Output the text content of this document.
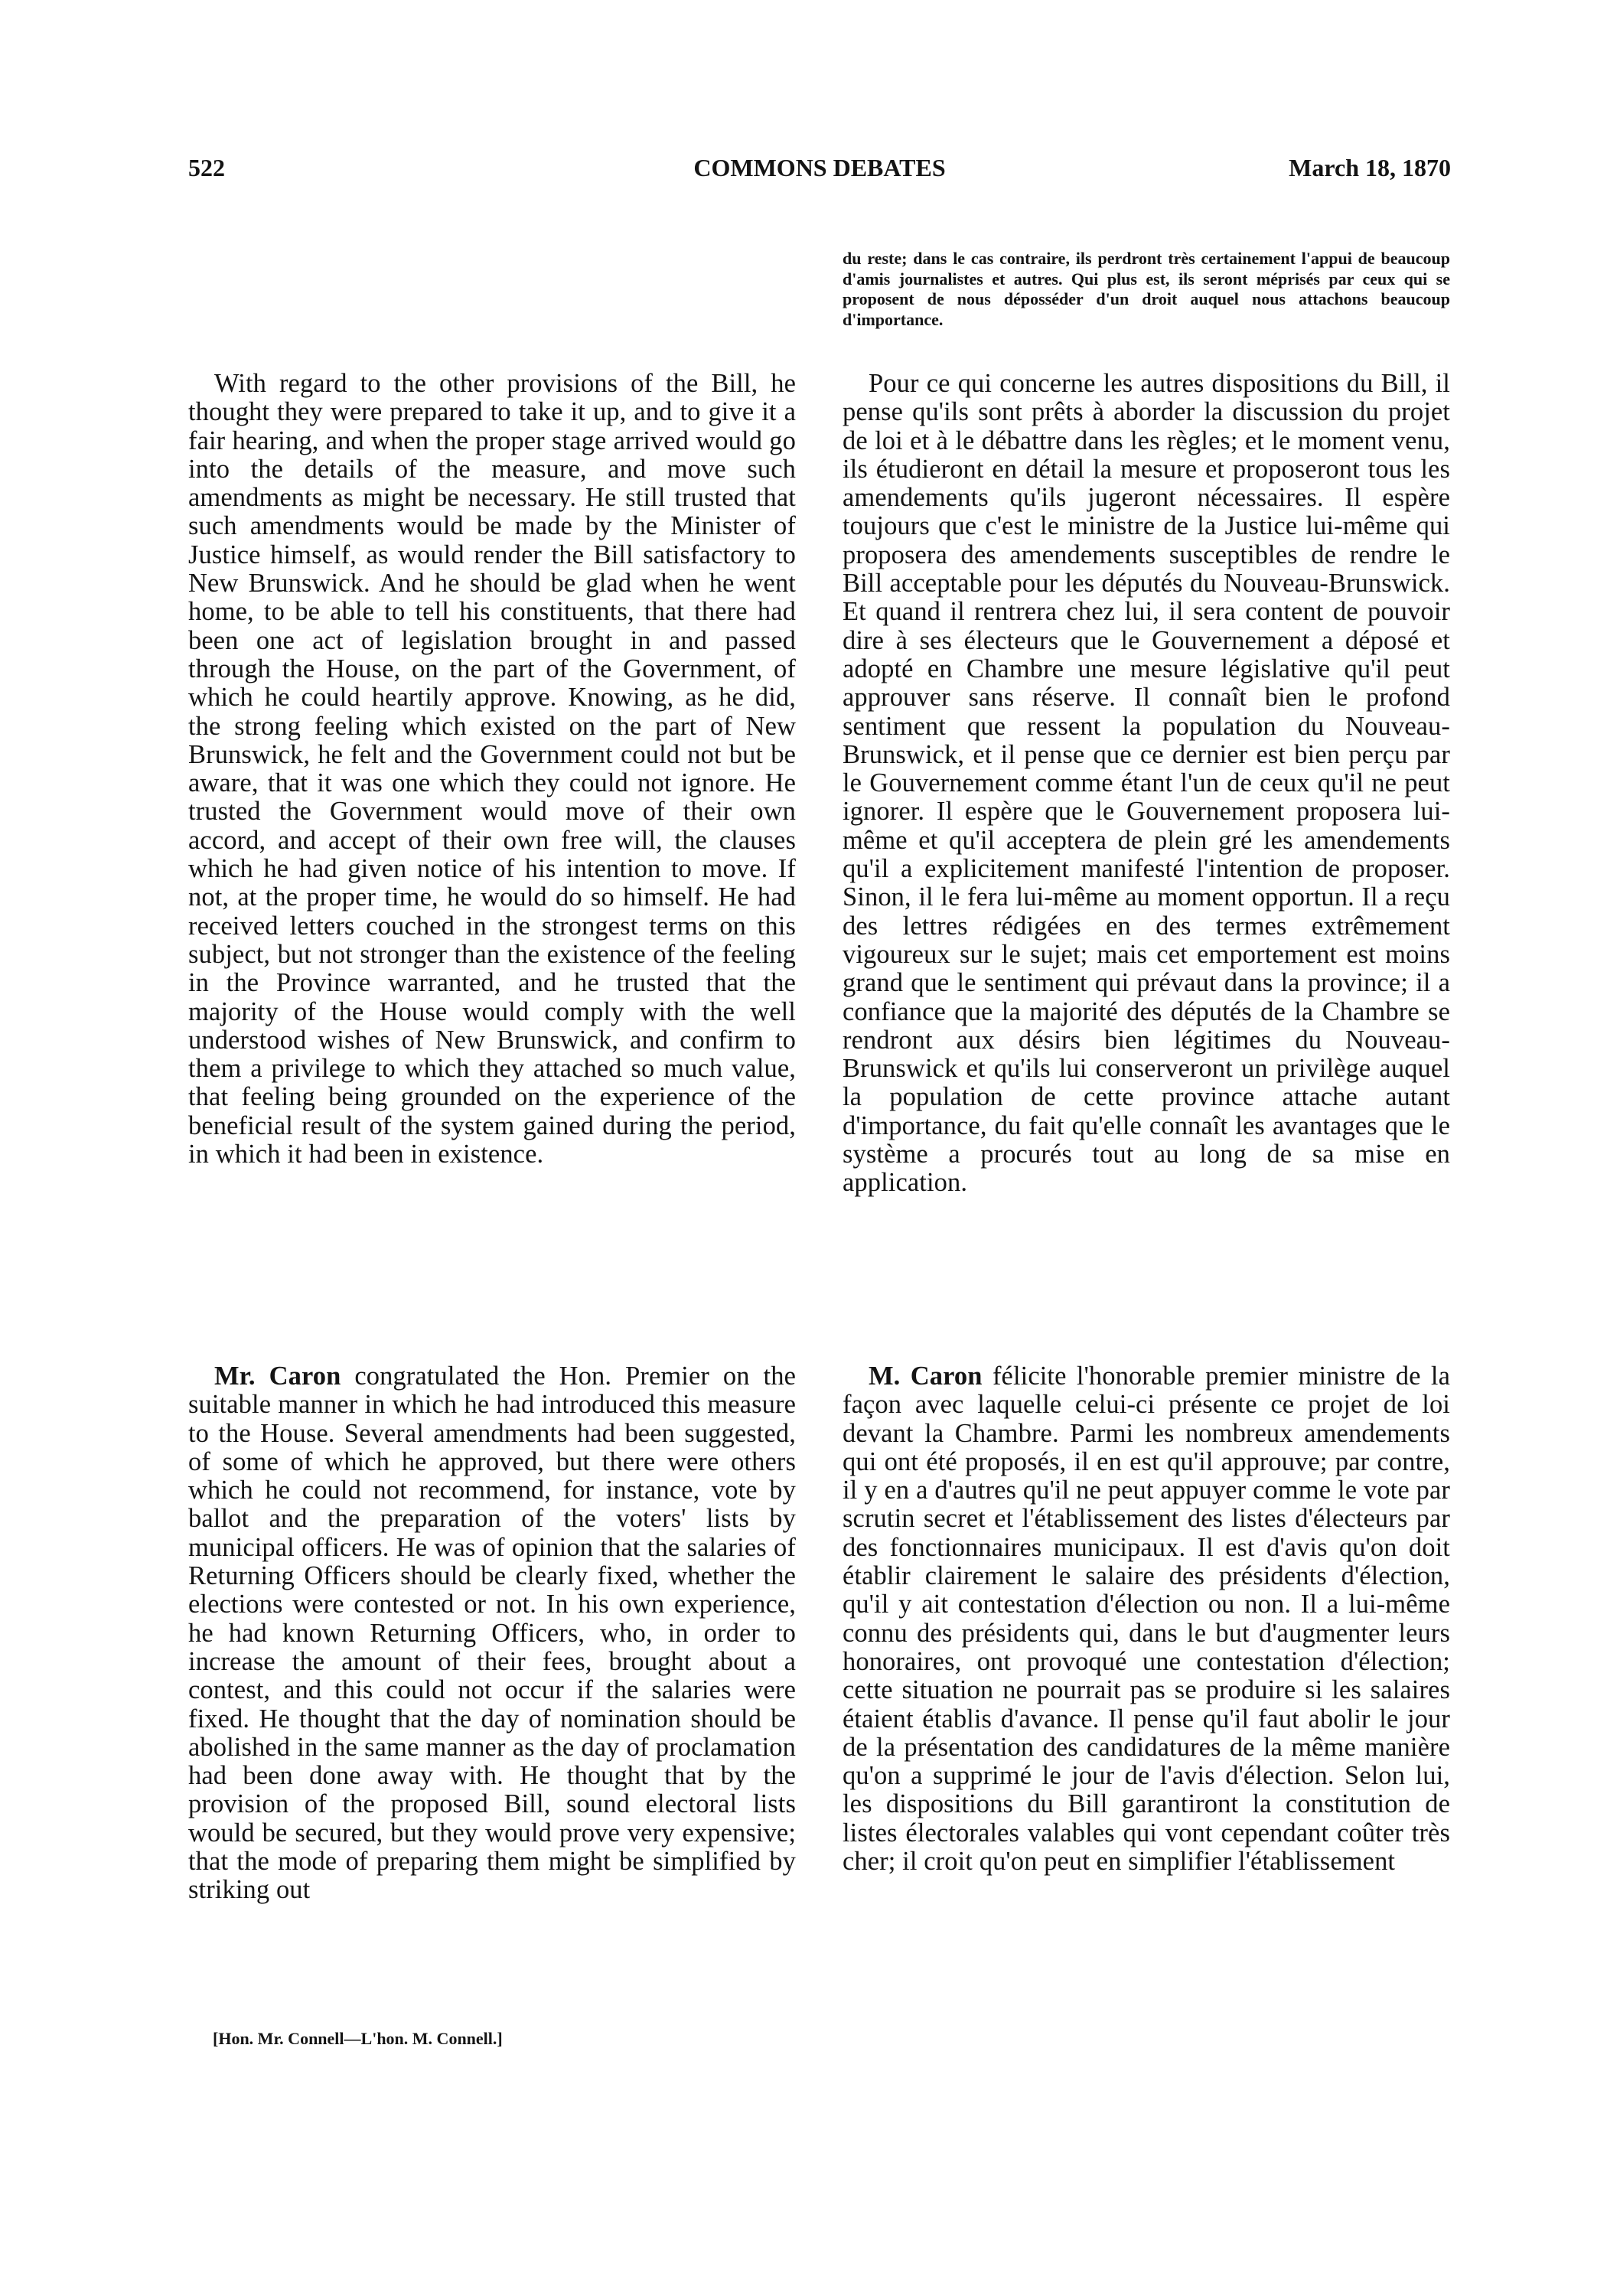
522	COMMONS DEBATES	March 18, 1870

du reste; dans le cas contraire, ils perdront très certainement l'appui de beaucoup d'amis journalistes et autres. Qui plus est, ils seront méprisés par ceux qui se proposent de nous déposséder d'un droit auquel nous attachons beaucoup d'importance.

With regard to the other provisions of the Bill, he thought they were prepared to take it up, and to give it a fair hearing, and when the proper stage arrived would go into the details of the measure, and move such amendments as might be necessary. He still trusted that such amendments would be made by the Minister of Justice himself, as would render the Bill satisfactory to New Brunswick. And he should be glad when he went home, to be able to tell his constituents, that there had been one act of legislation brought in and passed through the House, on the part of the Government, of which he could heartily approve. Knowing, as he did, the strong feeling which existed on the part of New Brunswick, he felt and the Government could not but be aware, that it was one which they could not ignore. He trusted the Government would move of their own accord, and accept of their own free will, the clauses which he had given notice of his intention to move. If not, at the proper time, he would do so himself. He had received letters couched in the strongest terms on this subject, but not stronger than the existence of the feeling in the Province warranted, and he trusted that the majority of the House would comply with the well understood wishes of New Brunswick, and confirm to them a privilege to which they attached so much value, that feeling being grounded on the experience of the beneficial result of the system gained during the period, in which it had been in existence.

Pour ce qui concerne les autres dispositions du Bill, il pense qu'ils sont prêts à aborder la discussion du projet de loi et à le débattre dans les règles; et le moment venu, ils étudieront en détail la mesure et proposeront tous les amendements qu'ils jugeront nécessaires. Il espère toujours que c'est le ministre de la Justice lui-même qui proposera des amendements susceptibles de rendre le Bill acceptable pour les députés du Nouveau-Brunswick. Et quand il rentrera chez lui, il sera content de pouvoir dire à ses électeurs que le Gouvernement a déposé et adopté en Chambre une mesure législative qu'il peut approuver sans réserve. Il connaît bien le profond sentiment que ressent la population du Nouveau-Brunswick, et il pense que ce dernier est bien perçu par le Gouvernement comme étant l'un de ceux qu'il ne peut ignorer. Il espère que le Gouvernement proposera lui-même et qu'il acceptera de plein gré les amendements qu'il a explicitement manifesté l'intention de proposer. Sinon, il le fera lui-même au moment opportun. Il a reçu des lettres rédigées en des termes extrêmement vigoureux sur le sujet; mais cet emportement est moins grand que le sentiment qui prévaut dans la province; il a confiance que la majorité des députés de la Chambre se rendront aux désirs bien légitimes du Nouveau-Brunswick et qu'ils lui conserveront un privilège auquel la population de cette province attache autant d'importance, du fait qu'elle connaît les avantages que le système a procurés tout au long de sa mise en application.

Mr. Caron congratulated the Hon. Premier on the suitable manner in which he had introduced this measure to the House. Several amendments had been suggested, of some of which he approved, but there were others which he could not recommend, for instance, vote by ballot and the preparation of the voters' lists by municipal officers. He was of opinion that the salaries of Returning Officers should be clearly fixed, whether the elections were contested or not. In his own experience, he had known Returning Officers, who, in order to increase the amount of their fees, brought about a contest, and this could not occur if the salaries were fixed. He thought that the day of nomination should be abolished in the same manner as the day of proclamation had been done away with. He thought that by the provision of the proposed Bill, sound electoral lists would be secured, but they would prove very expensive; that the mode of preparing them might be simplified by striking out

M. Caron félicite l'honorable premier ministre de la façon avec laquelle celui-ci présente ce projet de loi devant la Chambre. Parmi les nombreux amendements qui ont été proposés, il en est qu'il approuve; par contre, il y en a d'autres qu'il ne peut appuyer comme le vote par scrutin secret et l'établissement des listes d'électeurs par des fonctionnaires municipaux. Il est d'avis qu'on doit établir clairement le salaire des présidents d'élection, qu'il y ait contestation d'élection ou non. Il a lui-même connu des présidents qui, dans le but d'augmenter leurs honoraires, ont provoqué une contestation d'élection; cette situation ne pourrait pas se produire si les salaires étaient établis d'avance. Il pense qu'il faut abolir le jour de la présentation des candidatures de la même manière qu'on a supprimé le jour de l'avis d'élection. Selon lui, les dispositions du Bill garantiront la constitution de listes électorales valables qui vont cependant coûter très cher; il croit qu'on peut en simplifier l'établissement

[Hon. Mr. Connell—L'hon. M. Connell.]
